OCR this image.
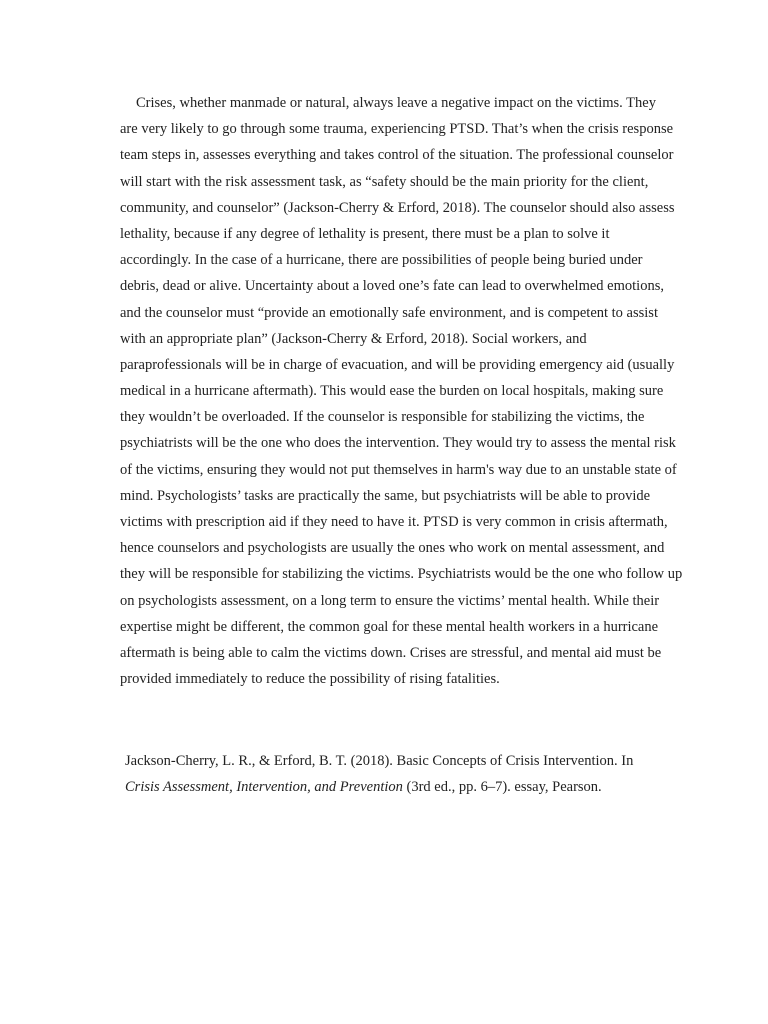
Crises, whether manmade or natural, always leave a negative impact on the victims. They
are very likely to go through some trauma, experiencing PTSD. That’s when the crisis response
team steps in, assesses everything and takes control of the situation. The professional counselor
will start with the risk assessment task, as “safety should be the main priority for the client,
community, and counselor” (Jackson-Cherry & Erford, 2018). The counselor should also assess
lethality, because if any degree of lethality is present, there must be a plan to solve it
accordingly. In the case of a hurricane, there are possibilities of people being buried under
debris, dead or alive. Uncertainty about a loved one’s fate can lead to overwhelmed emotions,
and the counselor must “provide an emotionally safe environment, and is competent to assist
with an appropriate plan” (Jackson-Cherry & Erford, 2018). Social workers, and
paraprofessionals will be in charge of evacuation, and will be providing emergency aid (usually
medical in a hurricane aftermath). This would ease the burden on local hospitals, making sure
they wouldn’t be overloaded. If the counselor is responsible for stabilizing the victims, the
psychiatrists will be the one who does the intervention. They would try to assess the mental risk
of the victims, ensuring they would not put themselves in harm's way due to an unstable state of
mind. Psychologists’ tasks are practically the same, but psychiatrists will be able to provide
victims with prescription aid if they need to have it. PTSD is very common in crisis aftermath,
hence counselors and psychologists are usually the ones who work on mental assessment, and
they will be responsible for stabilizing the victims. Psychiatrists would be the one who follow up
on psychologists assessment, on a long term to ensure the victims’ mental health. While their
expertise might be different, the common goal for these mental health workers in a hurricane
aftermath is being able to calm the victims down. Crises are stressful, and mental aid must be
provided immediately to reduce the possibility of rising fatalities.
Jackson-Cherry, L. R., & Erford, B. T. (2018). Basic Concepts of Crisis Intervention. In
Crisis Assessment, Intervention, and Prevention (3rd ed., pp. 6–7). essay, Pearson.
